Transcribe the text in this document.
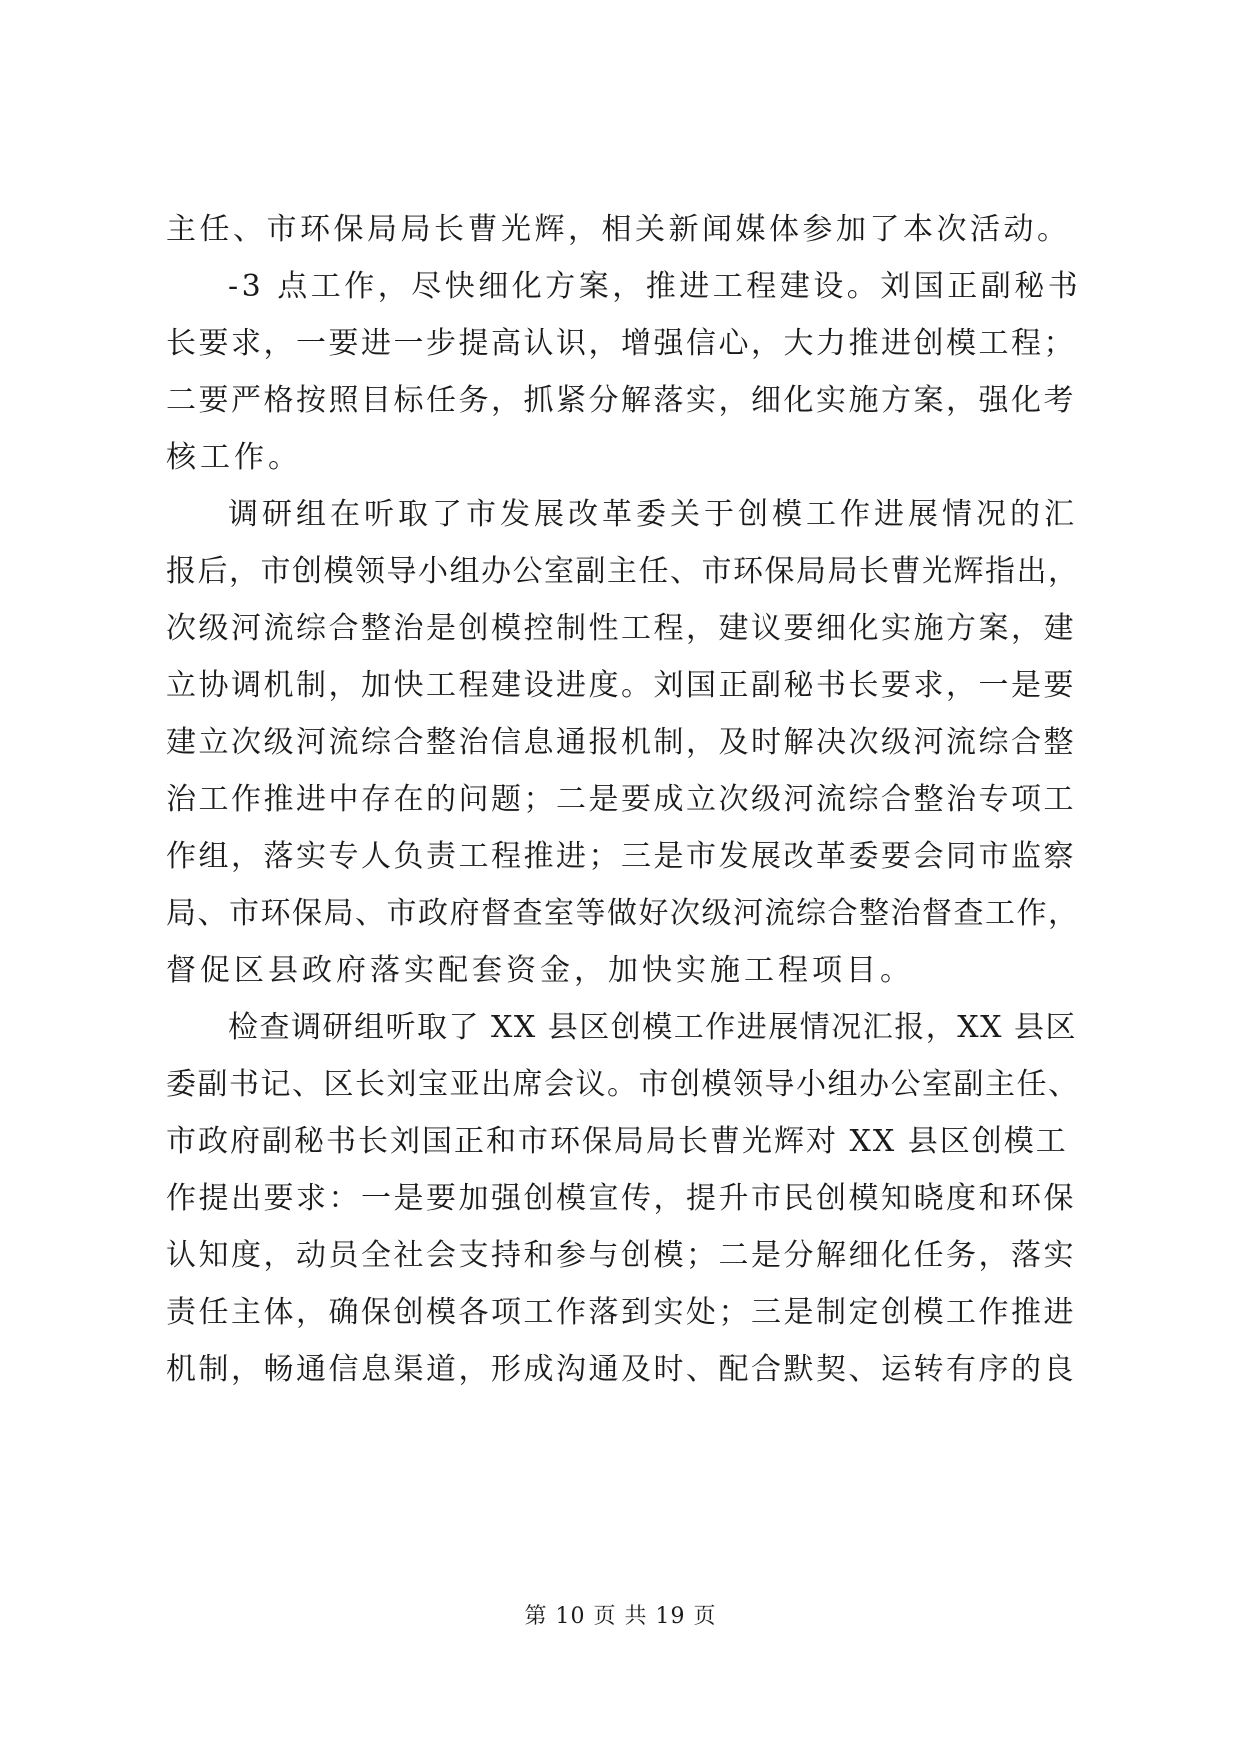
主任、市环保局局长曹光辉，相关新闻媒体参加了本次活动。
-3 点工作，尽快细化方案，推进工程建设。刘国正副秘书
长要求，一要进一步提高认识，增强信心，大力推进创模工程；
二要严格按照目标任务，抓紧分解落实，细化实施方案，强化考
核工作。
调研组在听取了市发展改革委关于创模工作进展情况的汇
报后，市创模领导小组办公室副主任、市环保局局长曹光辉指出，
次级河流综合整治是创模控制性工程，建议要细化实施方案，建
立协调机制，加快工程建设进度。刘国正副秘书长要求，一是要
建立次级河流综合整治信息通报机制，及时解决次级河流综合整
治工作推进中存在的问题；二是要成立次级河流综合整治专项工
作组，落实专人负责工程推进；三是市发展改革委要会同市监察
局、市环保局、市政府督查室等做好次级河流综合整治督查工作，
督促区县政府落实配套资金，加快实施工程项目。
检查调研组听取了 XX 县区创模工作进展情况汇报，XX 县区
委副书记、区长刘宝亚出席会议。市创模领导小组办公室副主任、
市政府副秘书长刘国正和市环保局局长曹光辉对 XX 县区创模工
作提出要求：一是要加强创模宣传，提升市民创模知晓度和环保
认知度，动员全社会支持和参与创模；二是分解细化任务，落实
责任主体，确保创模各项工作落到实处；三是制定创模工作推进
机制，畅通信息渠道，形成沟通及时、配合默契、运转有序的良
第 10 页 共 19 页
